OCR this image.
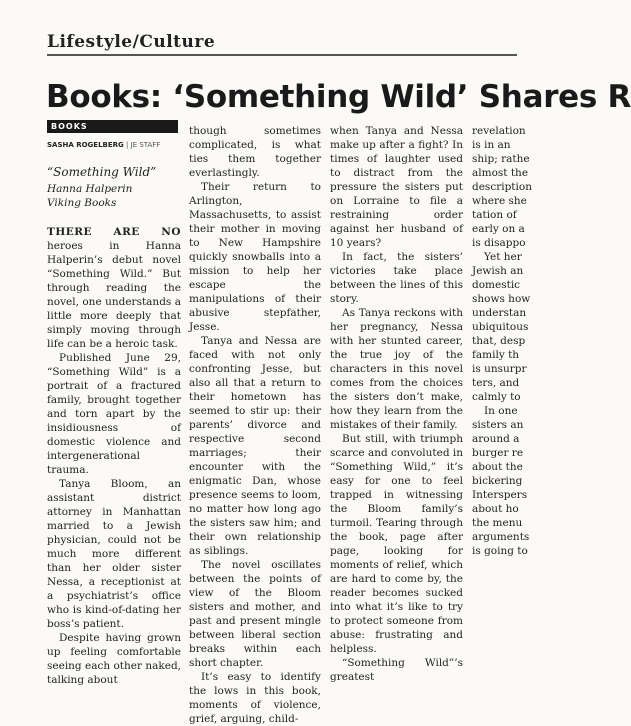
Lifestyle/Culture
Books: ‘Something Wild’ Shares R
BOOKS
SASHA ROGELBERG | JE STAFF
“Something Wild”
Hanna Halperin
Viking Books

THERE ARE NO heroes in Hanna Halperin’s debut novel “Something Wild.” But through reading the novel, one understands a little more deeply that simply moving through life can be a heroic task.

Published June 29, “Something Wild” is a portrait of a fractured family, brought together and torn apart by the insidiousness of domestic violence and intergenerational trauma.

Tanya Bloom, an assistant district attorney in Manhattan married to a Jewish physician, could not be much more different than her older sister Nessa, a receptionist at a psychiatrist’s office who is kind-of-dating her boss’s patient.

Despite having grown up feeling comfortable seeing each other naked, talking about

though sometimes complicated, is what ties them together everlastingly.

Their return to Arlington, Massachusetts, to assist their mother in moving to New Hampshire quickly snowballs into a mission to help her escape the manipulations of their abusive stepfather, Jesse.

Tanya and Nessa are faced with not only confronting Jesse, but also all that a return to their hometown has seemed to stir up: their parents’ divorce and respective second marriages; their encounter with the enigmatic Dan, whose presence seems to loom, no matter how long ago the sisters saw him; and their own relationship as siblings.

The novel oscillates between the points of view of the Bloom sisters and mother, and past and present mingle between liberal section breaks within each short chapter.

It’s easy to identify the lows in this book, moments of violence, grief, arguing, child-

when Tanya and Nessa make up after a fight? In times of laughter used to distract from the pressure the sisters put on Lorraine to file a restraining order against her husband of 10 years?

In fact, the sisters’ victories take place between the lines of this story.

As Tanya reckons with her pregnancy, Nessa with her stunted career, the true joy of the characters in this novel comes from the choices the sisters don’t make, how they learn from the mistakes of their family.

But still, with triumph scarce and convoluted in “Something Wild,” it’s easy for one to feel trapped in witnessing the Bloom family’s turmoil. Tearing through the book, page after page, looking for moments of relief, which are hard to come by, the reader becomes sucked into what it’s like to try to protect someone from abuse: frustrating and helpless.

“Something Wild”’s greatest

revelation

is in an

ship; rathe

almost the

description

where she

tation of

early on a

is disappo

Yet her

Jewish an

domestic

shows how

understan

ubiquitous

that, desp

family th

is unsurpr

ters, and

calmly to

In one

sisters an

around a

burger re

about the

bickering

Interspers

about ho

the menu

arguments

is going to
